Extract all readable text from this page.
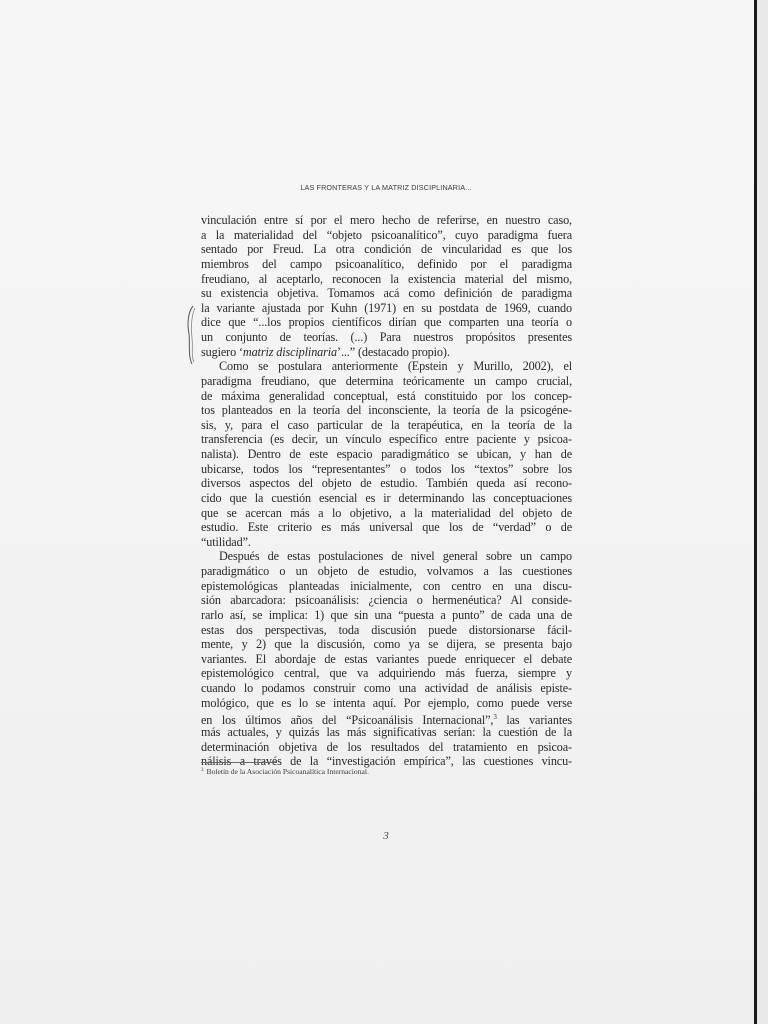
LAS FRONTERAS Y LA MATRIZ DISCIPLINARIA...
vinculación entre sí por el mero hecho de referirse, en nuestro caso,
a la materialidad del “objeto psicoanalítico”, cuyo paradigma fuera
sentado por Freud. La otra condición de vincularidad es que los
miembros del campo psicoanalítico, definido por el paradigma
freudiano, al aceptarlo, reconocen la existencia material del mismo,
su existencia objetiva. Tomamos acá como definición de paradigma
la variante ajustada por Kuhn (1971) en su postdata de 1969, cuando
dice que “...los propios científicos dirían que comparten una teoría o
un conjunto de teorías. (...) Para nuestros propósitos presentes
sugiero ‘matriz disciplinaria’...” (destacado propio).
Como se postulara anteriormente (Epstein y Murillo, 2002), el
paradigma freudiano, que determina teóricamente un campo crucial,
de máxima generalidad conceptual, está constituido por los concep-
tos planteados en la teoría del inconsciente, la teoría de la psicogéne-
sis, y, para el caso particular de la terapéutica, en la teoría de la
transferencia (es decir, un vínculo específico entre paciente y psicoa-
nalista). Dentro de este espacio paradigmático se ubican, y han de
ubicarse, todos los “representantes” o todos los “textos” sobre los
diversos aspectos del objeto de estudio. También queda así recono-
cido que la cuestión esencial es ir determinando las conceptuaciones
que se acercan más a lo objetivo, a la materialidad del objeto de
estudio. Este criterio es más universal que los de “verdad” o de
“utilidad”.
Después de estas postulaciones de nivel general sobre un campo
paradigmático o un objeto de estudio, volvamos a las cuestiones
epistemológicas planteadas inicialmente, con centro en una discu-
sión abarcadora: psicoanálisis: ¿ciencia o hermenéutica? Al conside-
rarlo así, se implica: 1) que sin una “puesta a punto” de cada una de
estas dos perspectivas, toda discusión puede distorsionarse fácil-
mente, y 2) que la discusión, como ya se dijera, se presenta bajo
variantes. El abordaje de estas variantes puede enriquecer el debate
epistemológico central, que va adquiriendo más fuerza, siempre y
cuando lo podamos construir como una actividad de análisis episte-
mológico, que es lo se intenta aquí. Por ejemplo, como puede verse
en los últimos años del “Psicoanálisis Internacional”,$^3$ las variantes
más actuales, y quizás las más significativas serían: la cuestión de la
determinación objetiva de los resultados del tratamiento en psicoa-
nálisis a través de la “investigación empírica”, las cuestiones vincu-
$^3$ Boletín de la Asociación Psicoanalítica Internacional.
3
